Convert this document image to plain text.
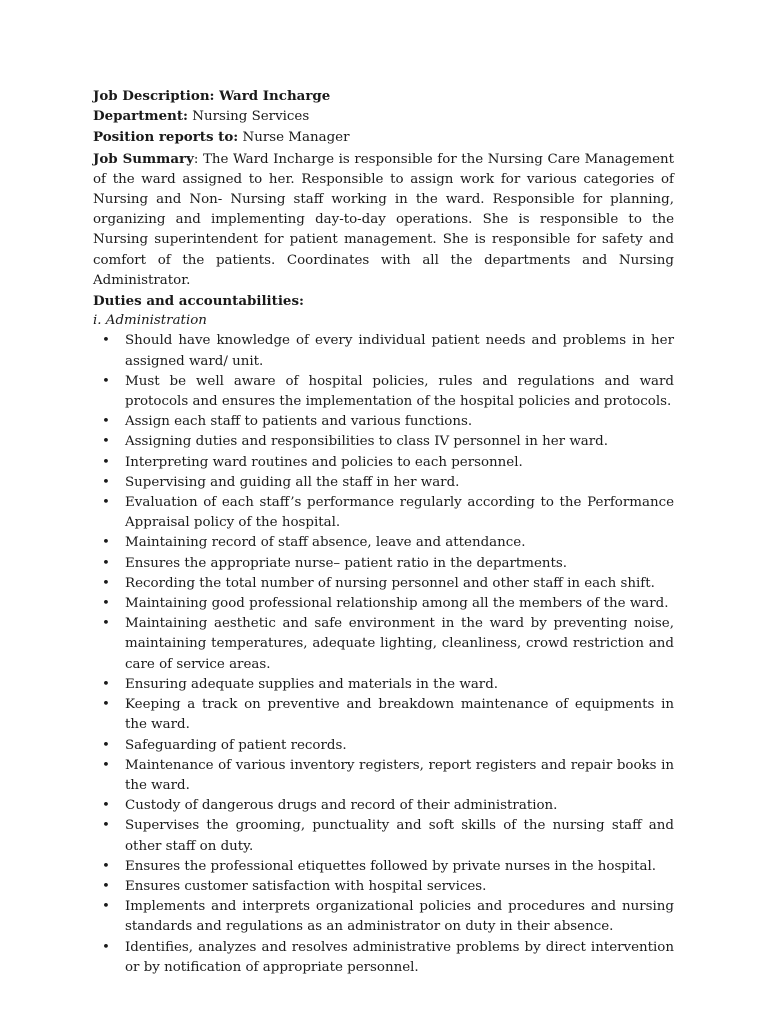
Job Description: Ward Incharge

Department: Nursing Services

Position reports to: Nurse Manager

Job Summary: The Ward Incharge is responsible for the Nursing Care Management of the ward assigned to her. Responsible to assign work for various categories of Nursing and Non- Nursing staff working in the ward. Responsible for planning, organizing and implementing day-to-day operations. She is responsible to the Nursing superintendent for patient management. She is responsible for safety and comfort of the patients. Coordinates with all the departments and Nursing Administrator.

Duties and accountabilities:

i. Administration

•	Should have knowledge of every individual patient needs and problems in her assigned ward/ unit.
•	Must be well aware of hospital policies, rules and regulations and ward protocols and ensures the implementation of the hospital policies and protocols.
•	Assign each staff to patients and various functions.
•	Assigning duties and responsibilities to class IV personnel in her ward.
•	Interpreting ward routines and policies to each personnel.
•	Supervising and guiding all the staff in her ward.
•	Evaluation of each staff’s performance regularly according to the Performance Appraisal policy of the hospital.
•	Maintaining record of staff absence, leave and attendance.
•	Ensures the appropriate nurse– patient ratio in the departments.
•	Recording the total number of nursing personnel and other staff in each shift.
•	Maintaining good professional relationship among all the members of the ward.
•	Maintaining aesthetic and safe environment in the ward by preventing noise, maintaining temperatures, adequate lighting, cleanliness, crowd restriction and care of service areas.
•	Ensuring adequate supplies and materials in the ward.
•	Keeping a track on preventive and breakdown maintenance of equipments in the ward.
•	Safeguarding of patient records.
•	Maintenance of various inventory registers, report registers and repair books in the ward.
•	Custody of dangerous drugs and record of their administration.
•	Supervises the grooming, punctuality and soft skills of the nursing staff and other staff on duty.
•	Ensures the professional etiquettes followed by private nurses in the hospital.
•	Ensures customer satisfaction with hospital services.
•	Implements and interprets organizational policies and procedures and nursing standards and regulations as an administrator on duty in their absence.
•	Identifies, analyzes and resolves administrative problems by direct intervention or by notification of appropriate personnel.
